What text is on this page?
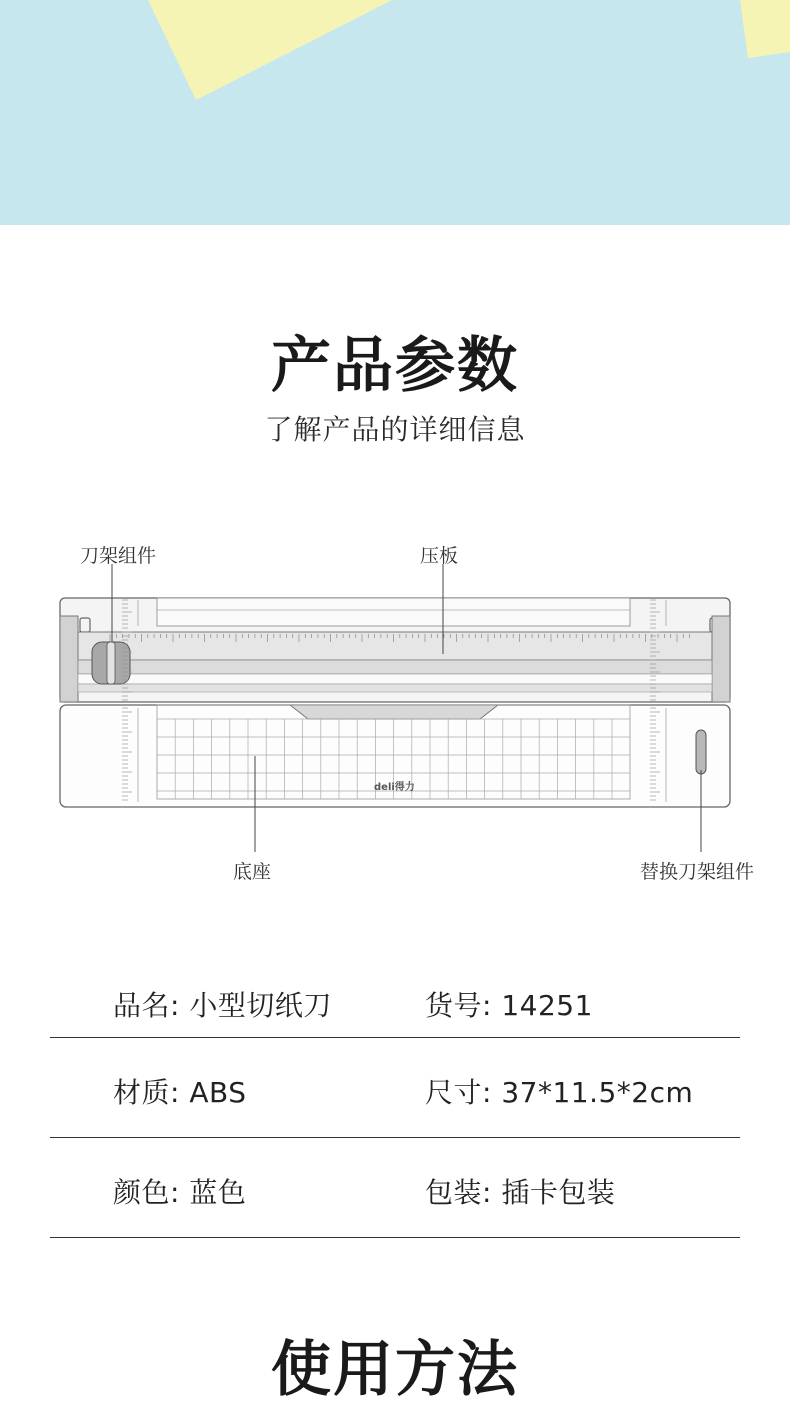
产品参数
了解产品的详细信息
deli得力
刀架组件	压板
底座	替换刀架组件
品名: 小型切纸刀	货号: 14251
材质: ABS	尺寸: 37*11.5*2cm
颜色: 蓝色	包装: 插卡包装
使用方法
